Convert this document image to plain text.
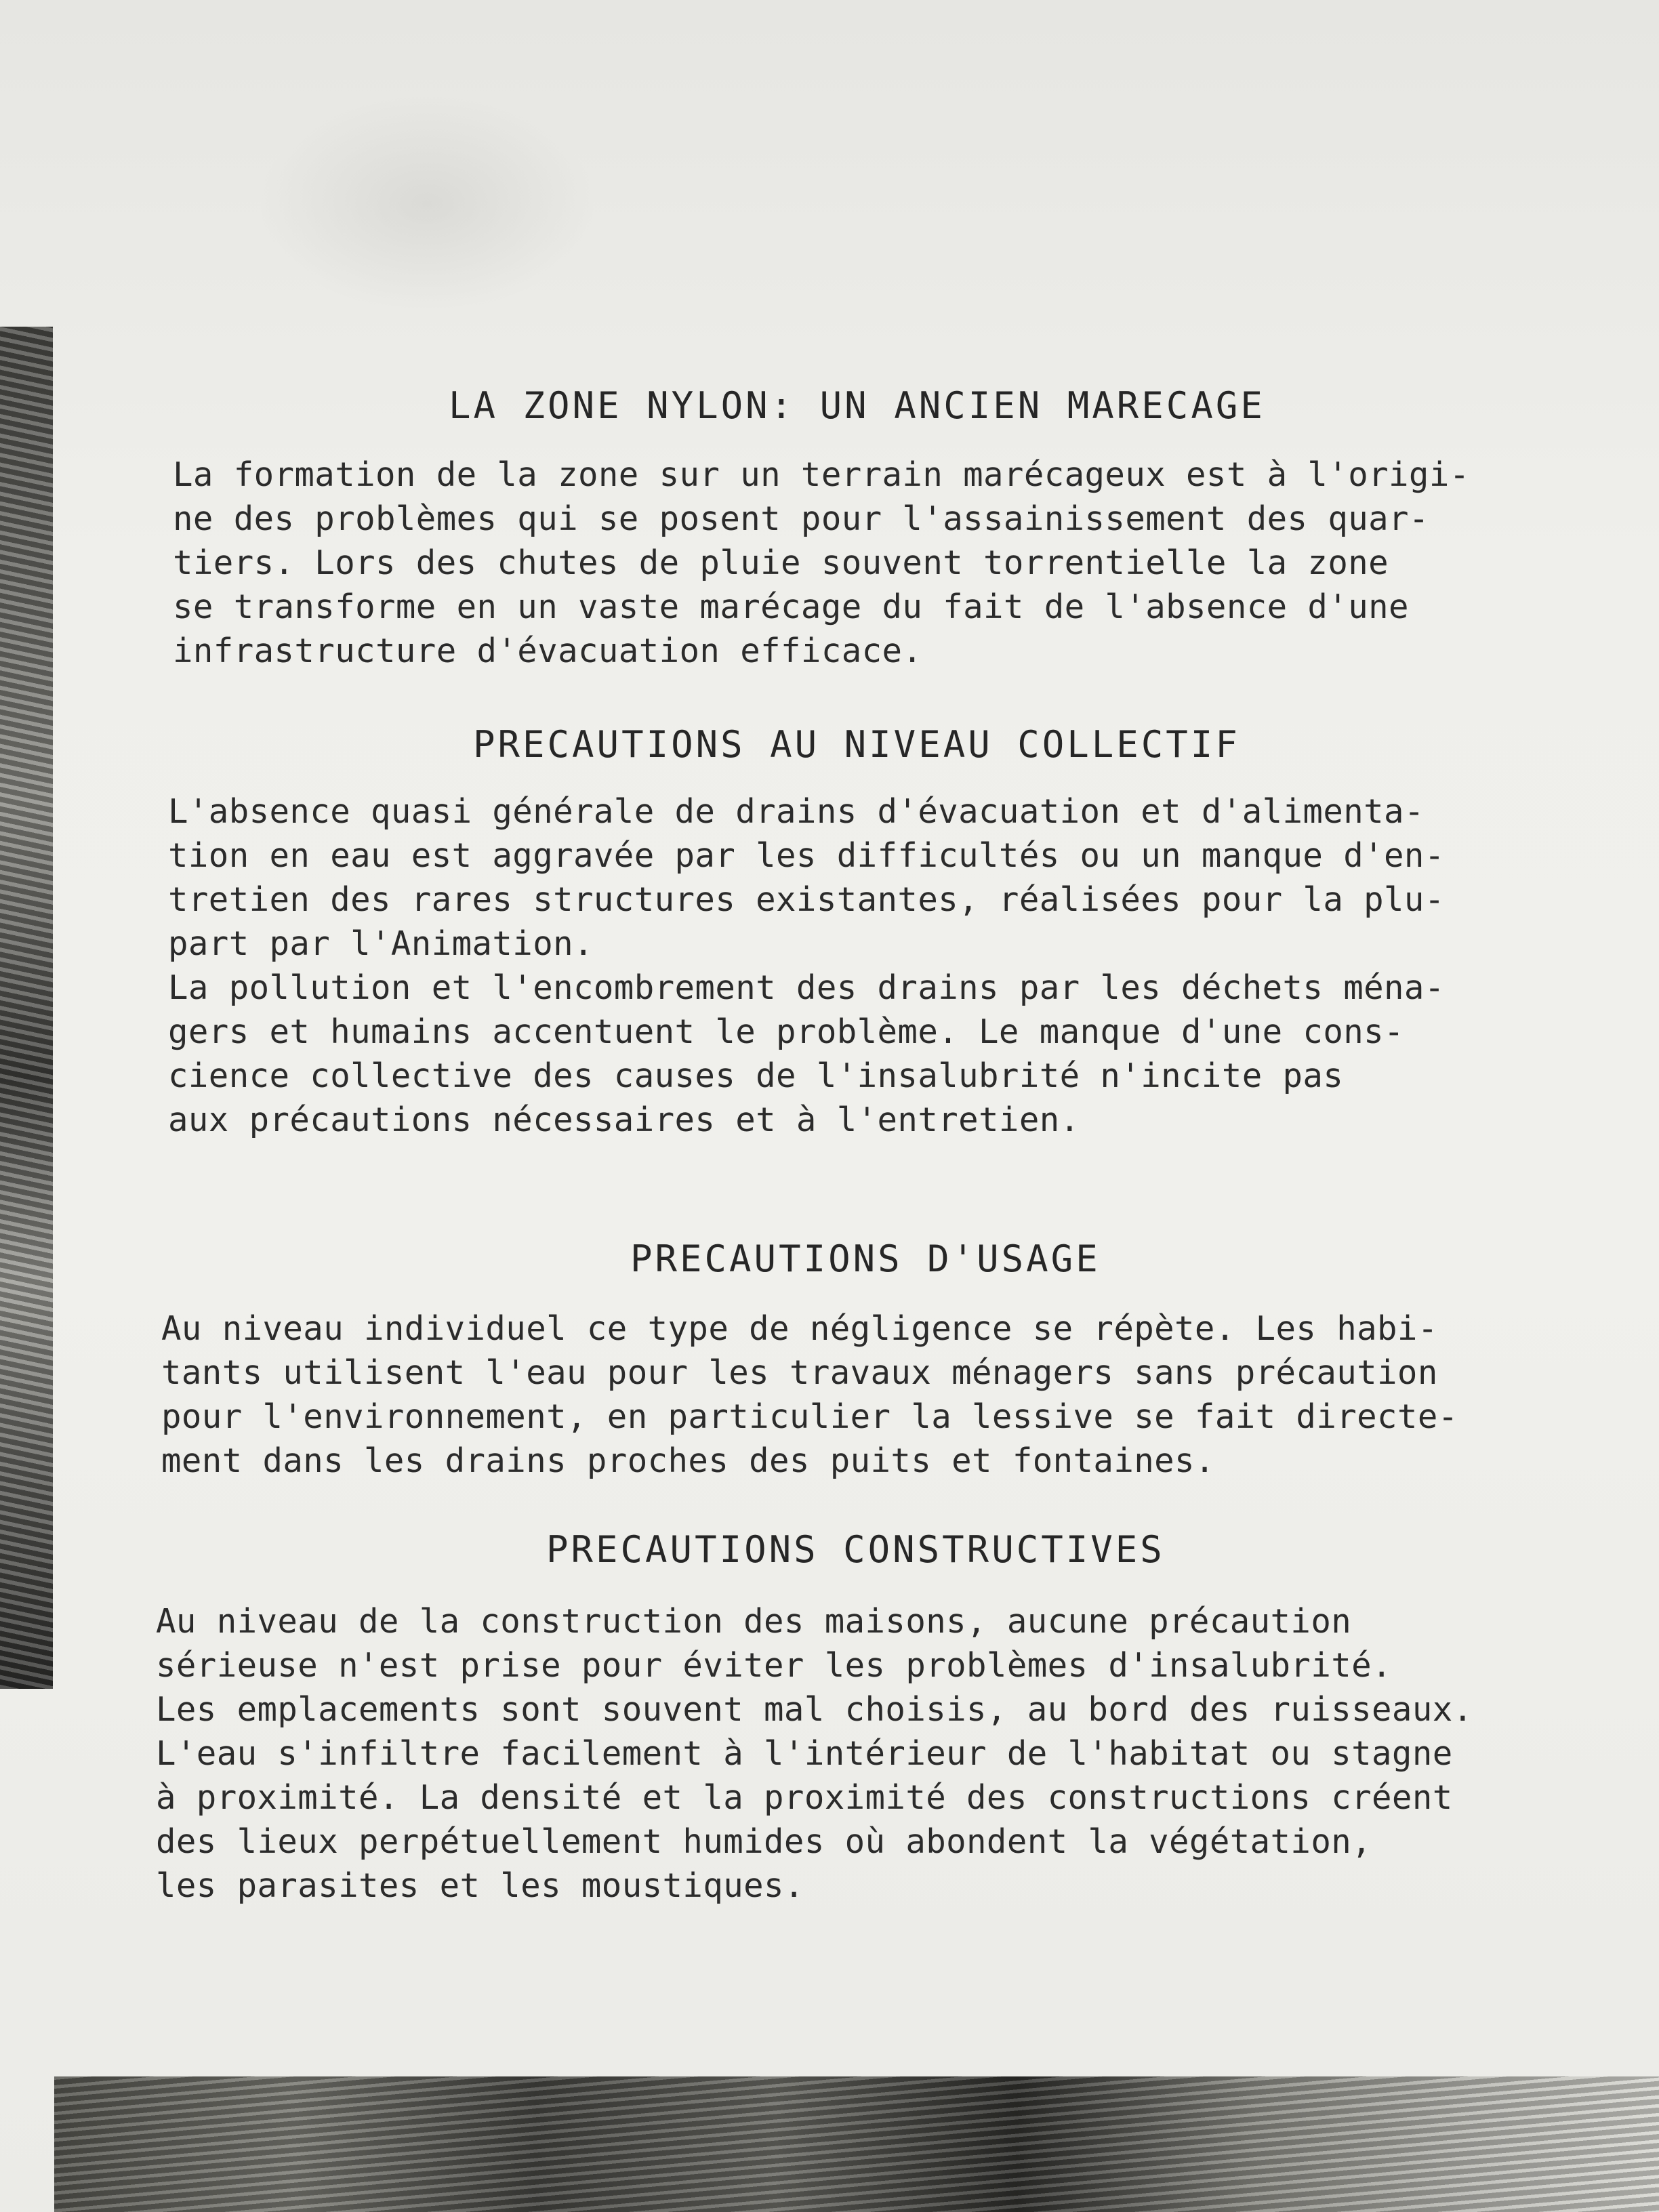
LA ZONE NYLON: UN ANCIEN MARECAGE

La formation de la zone sur un terrain marécageux est à l'origi-
ne des problèmes qui se posent pour l'assainissement des quar-
tiers. Lors des chutes de pluie souvent torrentielle la zone
se transforme en un vaste marécage du fait de l'absence d'une
infrastructure d'évacuation efficace.

PRECAUTIONS AU NIVEAU COLLECTIF

L'absence quasi générale de drains d'évacuation et d'alimenta-
tion en eau est aggravée par les difficultés ou un manque d'en-
tretien des rares structures existantes, réalisées pour la plu-
part par l'Animation.
La pollution et l'encombrement des drains par les déchets ména-
gers et humains accentuent le problème. Le manque d'une cons-
cience collective des causes de l'insalubrité n'incite pas
aux précautions nécessaires et à l'entretien.

PRECAUTIONS D'USAGE

Au niveau individuel ce type de négligence se répète. Les habi-
tants utilisent l'eau pour les travaux ménagers sans précaution
pour l'environnement, en particulier la lessive se fait directe-
ment dans les drains proches des puits et fontaines.

PRECAUTIONS CONSTRUCTIVES

Au niveau de la construction des maisons, aucune précaution
sérieuse n'est prise pour éviter les problèmes d'insalubrité.
Les emplacements sont souvent mal choisis, au bord des ruisseaux.
L'eau s'infiltre facilement à l'intérieur de l'habitat ou stagne
à proximité. La densité et la proximité des constructions créent
des lieux perpétuellement humides où abondent la végétation,
les parasites et les moustiques.
